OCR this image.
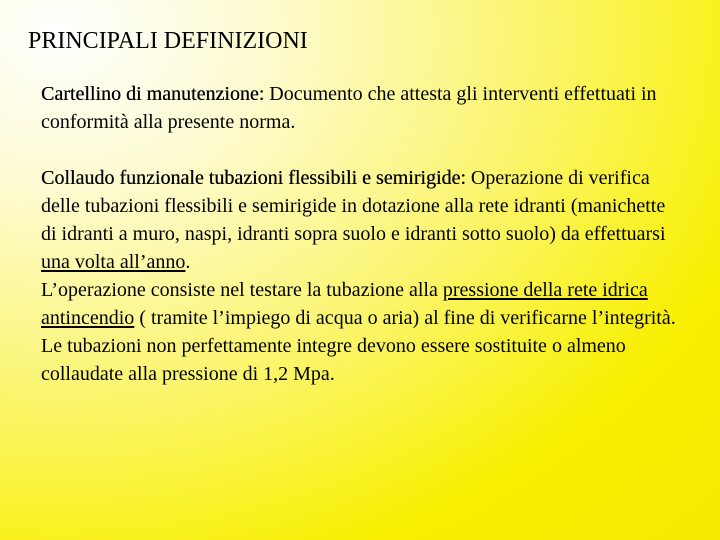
PRINCIPALI DEFINIZIONI

Cartellino di manutenzione: Documento che attesta gli interventi effettuati in conformità alla presente norma.

Collaudo funzionale tubazioni flessibili e semirigide: Operazione di verifica delle tubazioni flessibili e semirigide in dotazione alla rete idranti (manichette di idranti a muro, naspi, idranti sopra suolo e idranti sotto suolo) da effettuarsi una volta all’anno.

L’operazione consiste nel testare la tubazione alla pressione della rete idrica antincendio ( tramite l’impiego di acqua o aria) al fine di verificarne l’integrità. Le tubazioni non perfettamente integre devono essere sostituite o almeno collaudate alla pressione di 1,2 Mpa.
